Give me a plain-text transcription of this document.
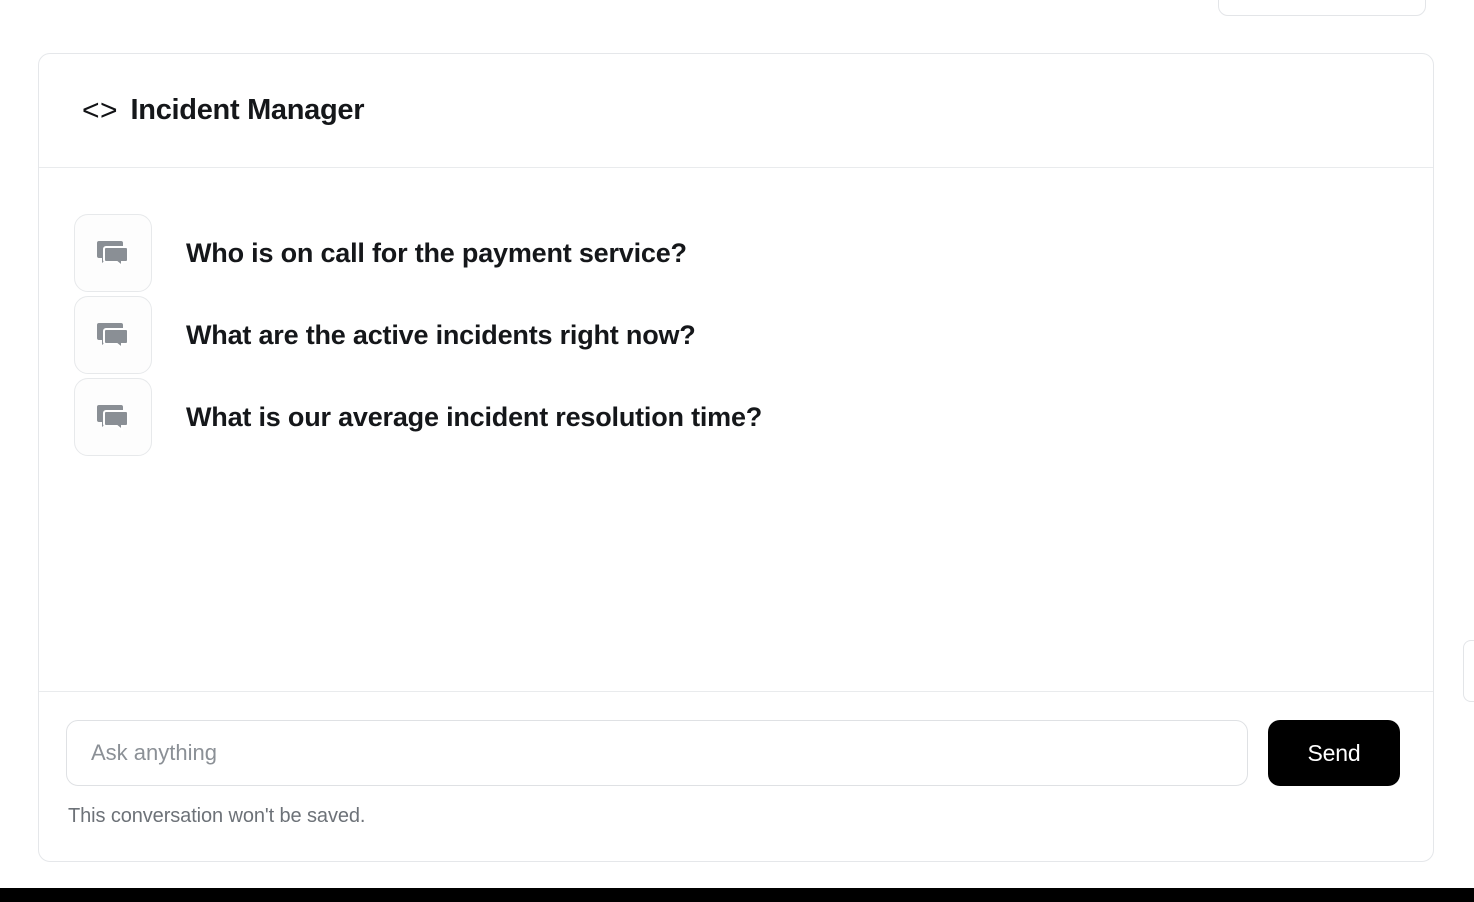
< > Incident Manager
Who is on call for the payment service?
What are the active incidents right now?
What is our average incident resolution time?
Ask anything
Send
This conversation won't be saved.
